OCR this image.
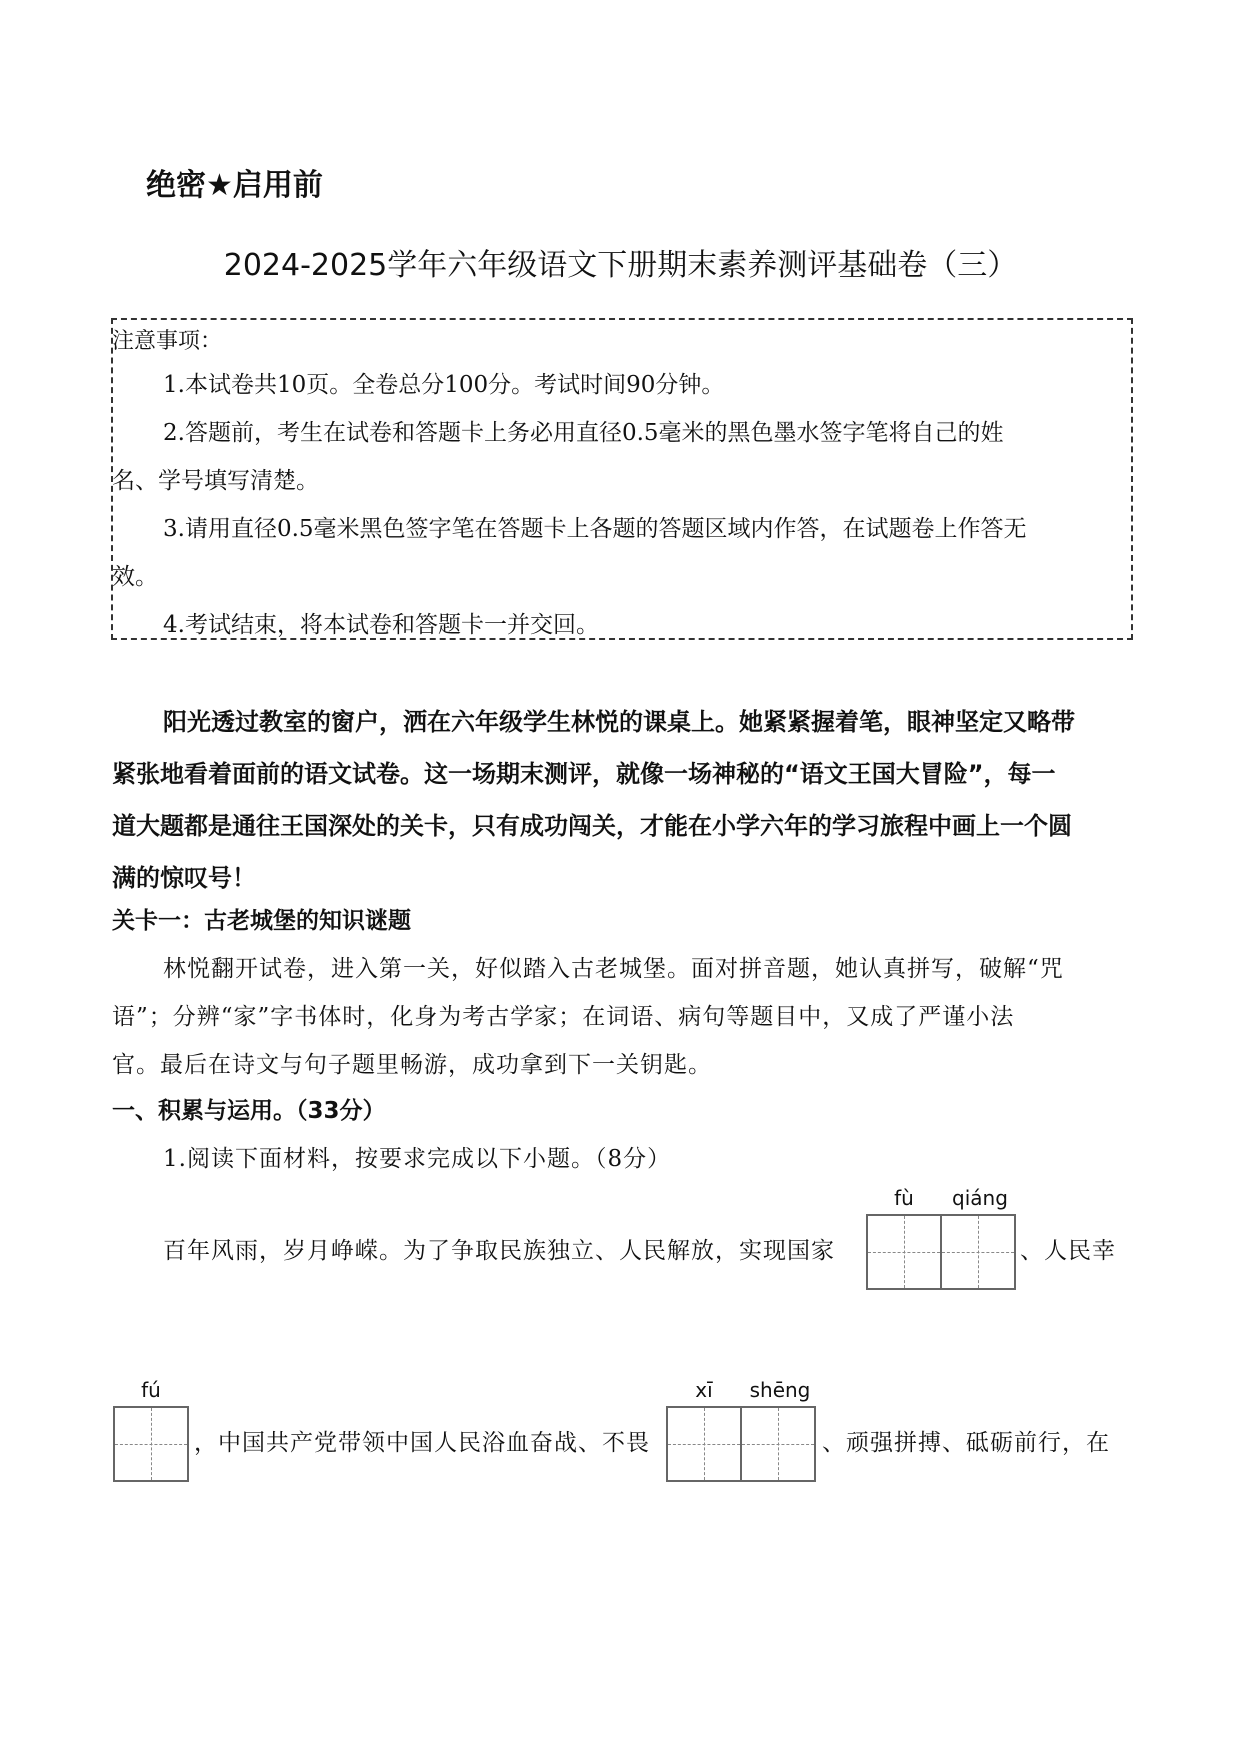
绝密★启用前
2024-2025学年六年级语文下册期末素养测评基础卷（三）
注意事项：
1.本试卷共10页。全卷总分100分。考试时间90分钟。
2.答题前，考生在试卷和答题卡上务必用直径0.5毫米的黑色墨水签字笔将自己的姓
名、学号填写清楚。
3.请用直径0.5毫米黑色签字笔在答题卡上各题的答题区域内作答，在试题卷上作答无
效。
4.考试结束，将本试卷和答题卡一并交回。
阳光透过教室的窗户，洒在六年级学生林悦的课桌上。她紧紧握着笔，眼神坚定又略带
紧张地看着面前的语文试卷。这一场期末测评，就像一场神秘的“语文王国大冒险”，每一
道大题都是通往王国深处的关卡，只有成功闯关，才能在小学六年的学习旅程中画上一个圆
满的惊叹号！
关卡一：古老城堡的知识谜题
林悦翻开试卷，进入第一关，好似踏入古老城堡。面对拼音题，她认真拼写，破解“咒
语”；分辨“家”字书体时，化身为考古学家；在词语、病句等题目中，又成了严谨小法
官。最后在诗文与句子题里畅游，成功拿到下一关钥匙。
一、积累与运用。（33分）
1.阅读下面材料，按要求完成以下小题。（8分）
百年风雨，岁月峥嵘。为了争取民族独立、人民解放，实现国家
fù	qiáng
、人民幸
fú
，中国共产党带领中国人民浴血奋战、不畏
xī	shēng
、顽强拼搏、砥砺前行，在
